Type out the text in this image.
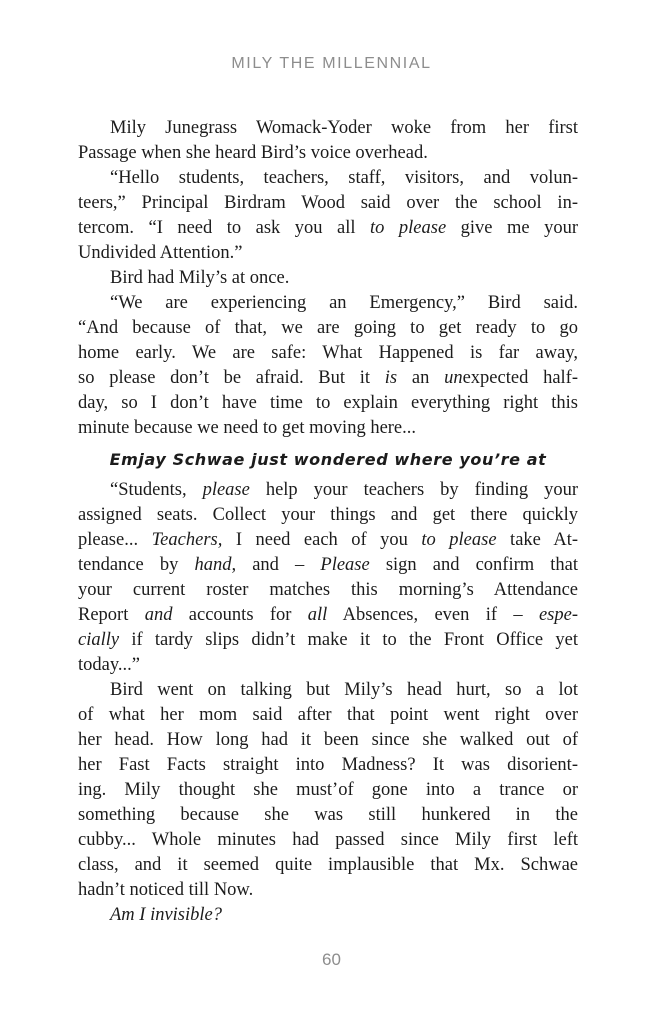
MILY THE MILLENNIAL
Mily Junegrass Womack-Yoder woke from her first
Passage when she heard Bird’s voice overhead.
“Hello students, teachers, staff, visitors, and volun-
teers,” Principal Birdram Wood said over the school in-
tercom. “I need to ask you all to please give me your
Undivided Attention.”
Bird had Mily’s at once.
“We are experiencing an Emergency,” Bird said.
“And because of that, we are going to get ready to go
home early. We are safe: What Happened is far away,
so please don’t be afraid. But it is an unexpected half-
day, so I don’t have time to explain everything right this
minute because we need to get moving here...
Emjay Schwae just wondered where you’re at
“Students, please help your teachers by finding your
assigned seats. Collect your things and get there quickly
please... Teachers, I need each of you to please take At-
tendance by hand, and – Please sign and confirm that
your current roster matches this morning’s Attendance
Report and accounts for all Absences, even if – espe-
cially if tardy slips didn’t make it to the Front Office yet
today...”
Bird went on talking but Mily’s head hurt, so a lot
of what her mom said after that point went right over
her head. How long had it been since she walked out of
her Fast Facts straight into Madness? It was disorient-
ing. Mily thought she must’of gone into a trance or
something because she was still hunkered in the
cubby... Whole minutes had passed since Mily first left
class, and it seemed quite implausible that Mx. Schwae
hadn’t noticed till Now.
Am I invisible?
60
